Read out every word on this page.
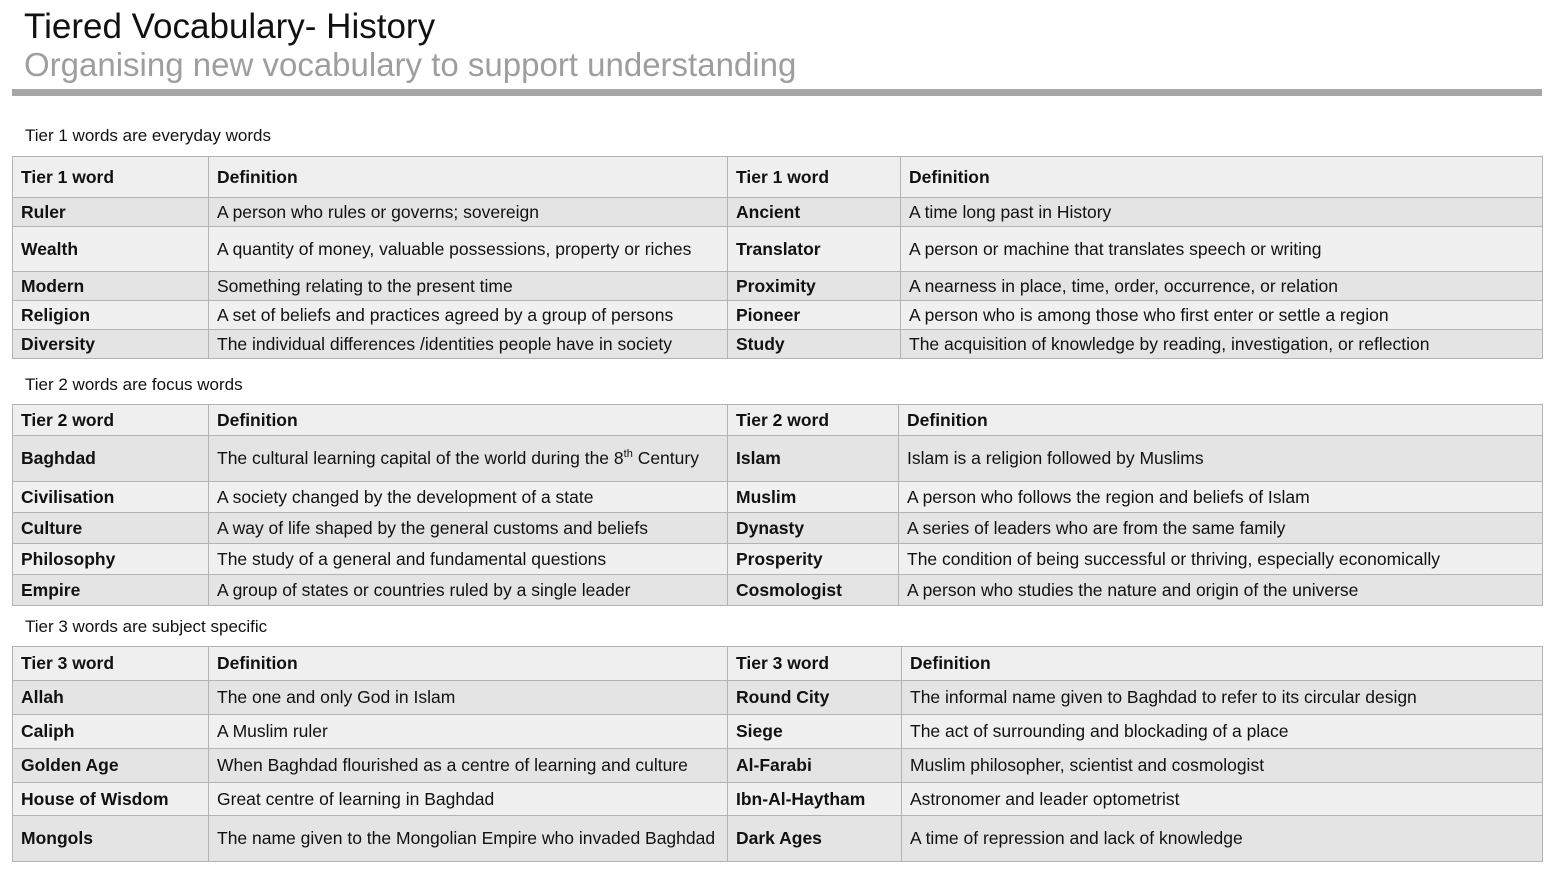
Tiered Vocabulary- History
Organising new vocabulary to support understanding
Tier 1 words are everyday words
Tier 1 word	Definition	Tier 1 word	Definition
Ruler	A person who rules or governs; sovereign	Ancient	A time long past in History
Wealth	A quantity of money, valuable possessions, property or riches	Translator	A person or machine that translates speech or writing
Modern	Something relating to the present time	Proximity	A nearness in place, time, order, occurrence, or relation
Religion	A set of beliefs and practices agreed by a group of persons	Pioneer	A person who is among those who first enter or settle a region
Diversity	The individual differences /identities people have in society	Study	The acquisition of knowledge by reading, investigation, or reflection
Tier 2 words are focus words
Tier 2 word	Definition	Tier 2 word	Definition
Baghdad	The cultural learning capital of the world during the 8th Century	Islam	Islam is a religion followed by Muslims
Civilisation	A society changed by the development of a state	Muslim	A person who follows the region and beliefs of Islam
Culture	A way of life shaped by the general customs and beliefs	Dynasty	A series of leaders who are from the same family
Philosophy	The study of a general and fundamental questions	Prosperity	The condition of being successful or thriving, especially economically
Empire	A group of states or countries ruled by a single leader	Cosmologist	A person who studies the nature and origin of the universe
Tier 3 words are subject specific
Tier 3 word	Definition	Tier 3 word	Definition
Allah	The one and only God in Islam	Round City	The informal name given to Baghdad to refer to its circular design
Caliph	A Muslim ruler	Siege	The act of surrounding and blockading of a place
Golden Age	When Baghdad flourished as a centre of learning and culture	Al-Farabi	Muslim philosopher, scientist and cosmologist
House of Wisdom	Great centre of learning in Baghdad	Ibn-Al-Haytham	Astronomer and leader optometrist
Mongols	The name given to the Mongolian Empire who invaded Baghdad	Dark Ages	A time of repression and lack of knowledge
